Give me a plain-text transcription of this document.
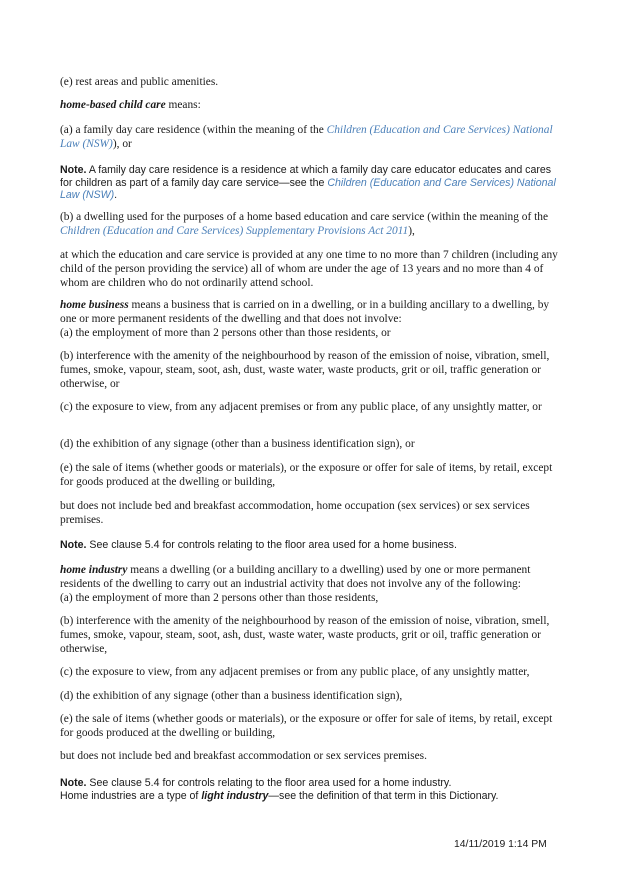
(e) rest areas and public amenities.

home-based child care means:

(a) a family day care residence (within the meaning of the Children (Education and Care Services) National Law (NSW)), or

Note. A family day care residence is a residence at which a family day care educator educates and cares for children as part of a family day care service—see the Children (Education and Care Services) National Law (NSW).

(b) a dwelling used for the purposes of a home based education and care service (within the meaning of the Children (Education and Care Services) Supplementary Provisions Act 2011),

at which the education and care service is provided at any one time to no more than 7 children (including any child of the person providing the service) all of whom are under the age of 13 years and no more than 4 of whom are children who do not ordinarily attend school.

home business means a business that is carried on in a dwelling, or in a building ancillary to a dwelling, by one or more permanent residents of the dwelling and that does not involve:
(a) the employment of more than 2 persons other than those residents, or

(b) interference with the amenity of the neighbourhood by reason of the emission of noise, vibration, smell, fumes, smoke, vapour, steam, soot, ash, dust, waste water, waste products, grit or oil, traffic generation or otherwise, or

(c) the exposure to view, from any adjacent premises or from any public place, of any unsightly matter, or

(d) the exhibition of any signage (other than a business identification sign), or

(e) the sale of items (whether goods or materials), or the exposure or offer for sale of items, by retail, except for goods produced at the dwelling or building,

but does not include bed and breakfast accommodation, home occupation (sex services) or sex services premises.

Note. See clause 5.4 for controls relating to the floor area used for a home business.

home industry means a dwelling (or a building ancillary to a dwelling) used by one or more permanent residents of the dwelling to carry out an industrial activity that does not involve any of the following:
(a) the employment of more than 2 persons other than those residents,

(b) interference with the amenity of the neighbourhood by reason of the emission of noise, vibration, smell, fumes, smoke, vapour, steam, soot, ash, dust, waste water, waste products, grit or oil, traffic generation or otherwise,

(c) the exposure to view, from any adjacent premises or from any public place, of any unsightly matter,

(d) the exhibition of any signage (other than a business identification sign),

(e) the sale of items (whether goods or materials), or the exposure or offer for sale of items, by retail, except for goods produced at the dwelling or building,

but does not include bed and breakfast accommodation or sex services premises.

Note. See clause 5.4 for controls relating to the floor area used for a home industry.
Home industries are a type of light industry—see the definition of that term in this Dictionary.

14/11/2019 1:14 PM
